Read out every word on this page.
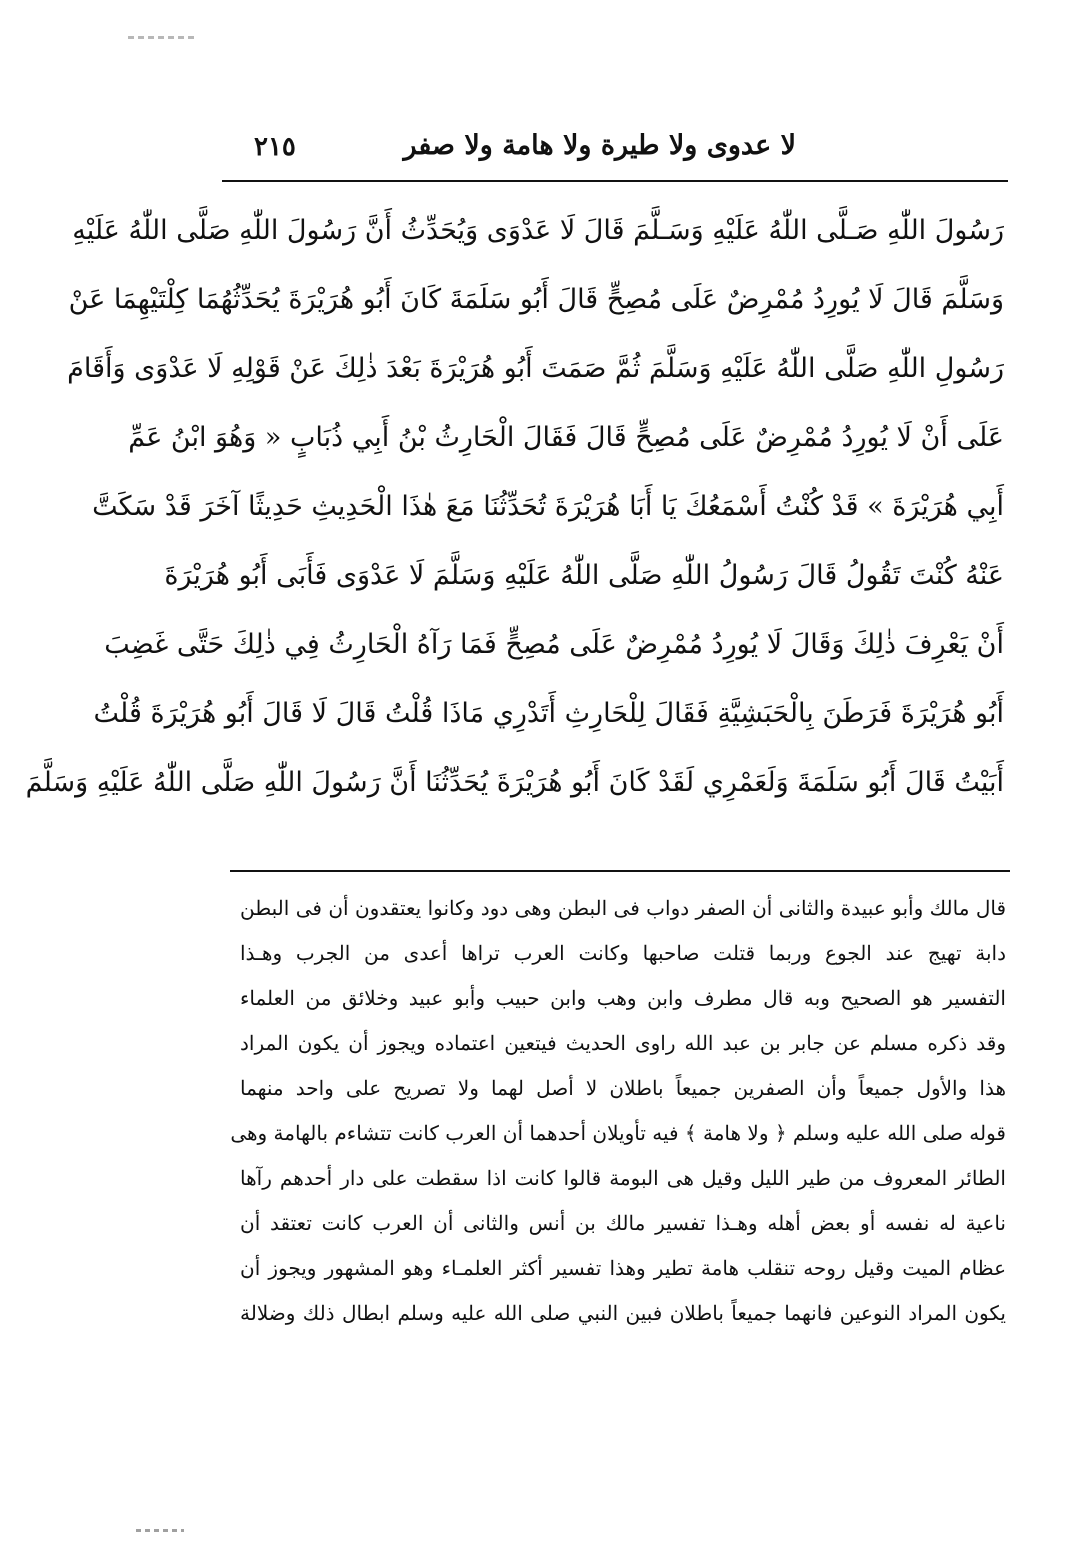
لا عدوى ولا طيرة ولا هامة ولا صفر
٢١٥
رَسُولَ اللّٰهِ صَـلَّى اللّٰهُ عَلَيْهِ وَسَـلَّمَ قَالَ لَا عَدْوَى وَيُحَدِّثُ أَنَّ رَسُولَ اللّٰهِ صَلَّى اللّٰهُ عَلَيْهِ
وَسَلَّمَ قَالَ لَا يُورِدُ مُمْرِضٌ عَلَى مُصِحٍّ قَالَ أَبُو سَلَمَةَ كَانَ أَبُو هُرَيْرَةَ يُحَدِّثُهُمَا كِلْتَيْهِمَا عَنْ
رَسُولِ اللّٰهِ صَلَّى اللّٰهُ عَلَيْهِ وَسَلَّمَ ثُمَّ صَمَتَ أَبُو هُرَيْرَةَ بَعْدَ ذٰلِكَ عَنْ قَوْلِهِ لَا عَدْوَى وَأَقَامَ
عَلَى أَنْ لَا يُورِدُ مُمْرِضٌ عَلَى مُصِحٍّ قَالَ فَقَالَ الْحَارِثُ بْنُ أَبِي ذُبَابٍ « وَهُوَ ابْنُ عَمِّ
أَبِي هُرَيْرَةَ » قَدْ كُنْتُ أَسْمَعُكَ يَا أَبَا هُرَيْرَةَ تُحَدِّثُنَا مَعَ هٰذَا الْحَدِيثِ حَدِيثًا آخَرَ قَدْ سَكَتَّ
عَنْهُ كُنْتَ تَقُولُ قَالَ رَسُولُ اللّٰهِ صَلَّى اللّٰهُ عَلَيْهِ وَسَلَّمَ لَا عَدْوَى فَأَبَى أَبُو هُرَيْرَةَ
أَنْ يَعْرِفَ ذٰلِكَ وَقَالَ لَا يُورِدُ مُمْرِضٌ عَلَى مُصِحٍّ فَمَا رَآهُ الْحَارِثُ فِي ذٰلِكَ حَتَّى غَضِبَ
أَبُو هُرَيْرَةَ فَرَطَنَ بِالْحَبَشِيَّةِ فَقَالَ لِلْحَارِثِ أَتَدْرِي مَاذَا قُلْتُ قَالَ لَا قَالَ أَبُو هُرَيْرَةَ قُلْتُ
أَبَيْتُ قَالَ أَبُو سَلَمَةَ وَلَعَمْرِي لَقَدْ كَانَ أَبُو هُرَيْرَةَ يُحَدِّثُنَا أَنَّ رَسُولَ اللّٰهِ صَلَّى اللّٰهُ عَلَيْهِ وَسَلَّمَ
قال مالك وأبو عبيدة والثانى أن الصفر دواب فى البطن وهى دود وكانوا يعتقدون أن فى البطن
دابة تهيج عند الجوع وربما قتلت صاحبها وكانت العرب تراها أعدى من الجرب وهـذا
التفسير هو الصحيح وبه قال مطرف وابن وهب وابن حبيب وأبو عبيد وخلائق من العلماء
وقد ذكره مسلم عن جابر بن عبد الله راوى الحديث فيتعين اعتماده ويجوز أن يكون المراد
هذا والأول جميعاً وأن الصفرين جميعاً باطلان لا أصل لهما ولا تصريح على واحد منهما
قوله صلى الله عليه وسلم ﴿ ولا هامة ﴾ فيه تأويلان أحدهما أن العرب كانت تتشاءم بالهامة وهى
الطائر المعروف من طير الليل وقيل هى البومة قالوا كانت اذا سقطت على دار أحدهم رآها
ناعية له نفسه أو بعض أهله وهـذا تفسير مالك بن أنس والثانى أن العرب كانت تعتقد أن
عظام الميت وقيل روحه تنقلب هامة تطير وهذا تفسير أكثر العلمـاء وهو المشهور ويجوز أن
يكون المراد النوعين فانهما جميعاً باطلان فبين النبي صلى الله عليه وسلم ابطال ذلك وضلالة
